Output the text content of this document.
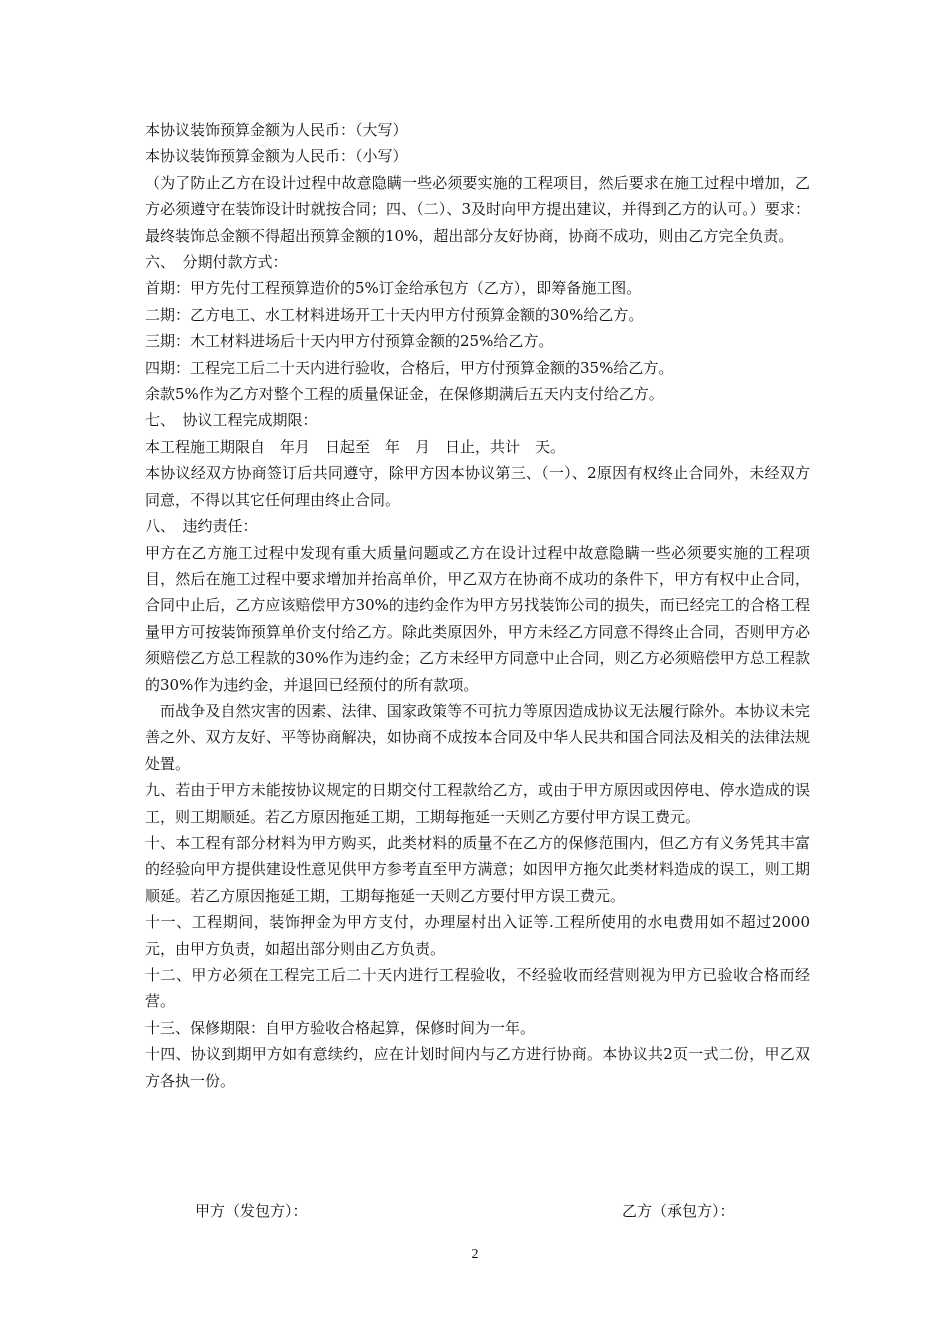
本协议装饰预算金额为人民币：（大写）

本协议装饰预算金额为人民币：（小写）

（为了防止乙方在设计过程中故意隐瞒一些必须要实施的工程项目，然后要求在施工过程中增加，乙方必须遵守在装饰设计时就按合同；四、（二）、3及时向甲方提出建议，并得到乙方的认可。）要求：最终装饰总金额不得超出预算金额的10%，超出部分友好协商，协商不成功，则由乙方完全负责。

六、　分期付款方式：

首期：甲方先付工程预算造价的5%订金给承包方（乙方），即筹备施工图。

二期：乙方电工、水工材料进场开工十天内甲方付预算金额的30%给乙方。

三期：木工材料进场后十天内甲方付预算金额的25%给乙方。

四期：工程完工后二十天内进行验收，合格后，甲方付预算金额的35%给乙方。

余款5%作为乙方对整个工程的质量保证金，在保修期满后五天内支付给乙方。

七、　协议工程完成期限：

本工程施工期限自　年月　日起至　年　月　日止，共计　天。

本协议经双方协商签订后共同遵守，除甲方因本协议第三、（一）、2原因有权终止合同外，未经双方同意，不得以其它任何理由终止合同。

八、　违约责任：

甲方在乙方施工过程中发现有重大质量问题或乙方在设计过程中故意隐瞒一些必须要实施的工程项目，然后在施工过程中要求增加并抬高单价，甲乙双方在协商不成功的条件下，甲方有权中止合同，合同中止后，乙方应该赔偿甲方30%的违约金作为甲方另找装饰公司的损失，而已经完工的合格工程量甲方可按装饰预算单价支付给乙方。除此类原因外，甲方未经乙方同意不得终止合同，否则甲方必须赔偿乙方总工程款的30%作为违约金；乙方未经甲方同意中止合同，则乙方必须赔偿甲方总工程款的30%作为违约金，并退回已经预付的所有款项。

而战争及自然灾害的因素、法律、国家政策等不可抗力等原因造成协议无法履行除外。本协议未完善之外、双方友好、平等协商解决，如协商不成按本合同及中华人民共和国合同法及相关的法律法规处置。

九、若由于甲方未能按协议规定的日期交付工程款给乙方，或由于甲方原因或因停电、停水造成的误工，则工期顺延。若乙方原因拖延工期，工期每拖延一天则乙方要付甲方误工费元。

十、本工程有部分材料为甲方购买，此类材料的质量不在乙方的保修范围内，但乙方有义务凭其丰富的经验向甲方提供建设性意见供甲方参考直至甲方满意；如因甲方拖欠此类材料造成的误工，则工期顺延。若乙方原因拖延工期，工期每拖延一天则乙方要付甲方误工费元。

十一、工程期间，装饰押金为甲方支付，办理屋村出入证等.工程所使用的水电费用如不超过2000元，由甲方负责，如超出部分则由乙方负责。

十二、甲方必须在工程完工后二十天内进行工程验收，不经验收而经营则视为甲方已验收合格而经营。

十三、保修期限：自甲方验收合格起算，保修时间为一年。

十四、协议到期甲方如有意续约，应在计划时间内与乙方进行协商。本协议共2页一式二份，甲乙双方各执一份。

甲方（发包方）：	乙方（承包方）：
2
